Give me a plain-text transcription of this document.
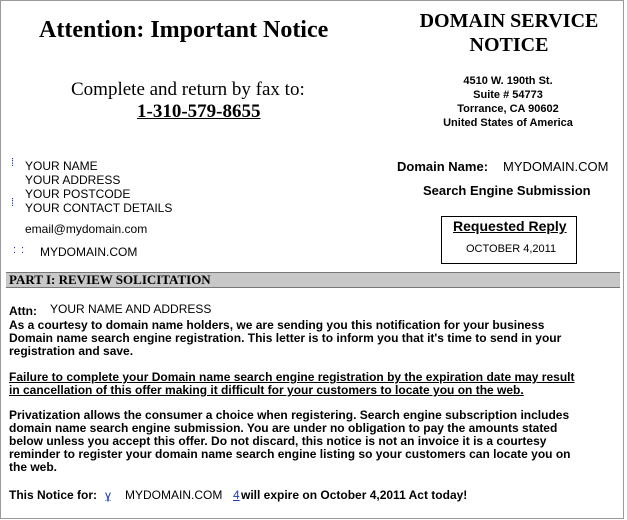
Attention: Important Notice	DOMAIN SERVICE
NOTICE
Complete and return by fax to:
1-310-579-8655
4510 W. 190th St.
Suite # 54773
Torrance, CA 90602
United States of America
⁞
⁞
YOUR NAME
YOUR ADDRESS
YOUR POSTCODE
YOUR CONTACT DETAILS
email@mydomain.com
: : MYDOMAIN.COM
Domain Name: MYDOMAIN.COM
Search Engine Submission
Requested Reply
OCTOBER 4,2011
PART I: REVIEW SOLICITATION
Attn: YOUR NAME AND ADDRESS
As a courtesy to domain name holders, we are sending you this notification for your business
Domain name search engine registration. This letter is to inform you that it's time to send in your
registration and save.
Failure to complete your Domain name search engine registration by the expiration date may result
in cancellation of this offer making it difficult for your customers to locate you on the web.
Privatization allows the consumer a choice when registering. Search engine subscription includes
domain name search engine submission. You are under no obligation to pay the amounts stated
below unless you accept this offer. Do not discard, this notice is not an invoice it is a courtesy
reminder to register your domain name search engine listing so your customers can locate you on
the web.
This Notice for: ɣ MYDOMAIN.COM 4 will expire on October 4,2011 Act today!
